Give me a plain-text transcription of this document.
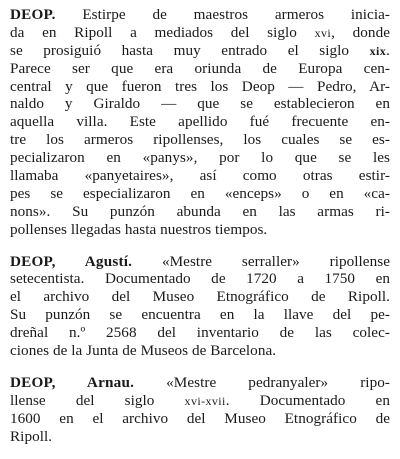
DEOP. Estirpe de maestros armeros inicia-
da en Ripoll a mediados del siglo xvi, donde
se prosiguió hasta muy entrado el siglo xix.
Parece ser que era oriunda de Europa cen-
central y que fueron tres los Deop — Pedro, Ar-
naldo y Giraldo — que se establecieron en
aquella villa. Este apellido fué frecuente en-
tre los armeros ripollenses, los cuales se es-
pecializaron en «panys», por lo que se les
llamaba «panyetaires», así como otras estir-
pes se especializaron en «enceps» o en «ca-
nons». Su punzón abunda en las armas ri-
pollenses llegadas hasta nuestros tiempos.
DEOP, Agustí. «Mestre serraller» ripollense
setecentista. Documentado de 1720 a 1750 en
el archivo del Museo Etnográfico de Ripoll.
Su punzón se encuentra en la llave del pe-
dreñal n.º 2568 del inventario de las colec-
ciones de la Junta de Museos de Barcelona.
DEOP, Arnau. «Mestre pedranyaler» ripo-
llense del siglo xvi-xvii. Documentado en
1600 en el archivo del Museo Etnográfico de
Ripoll.
